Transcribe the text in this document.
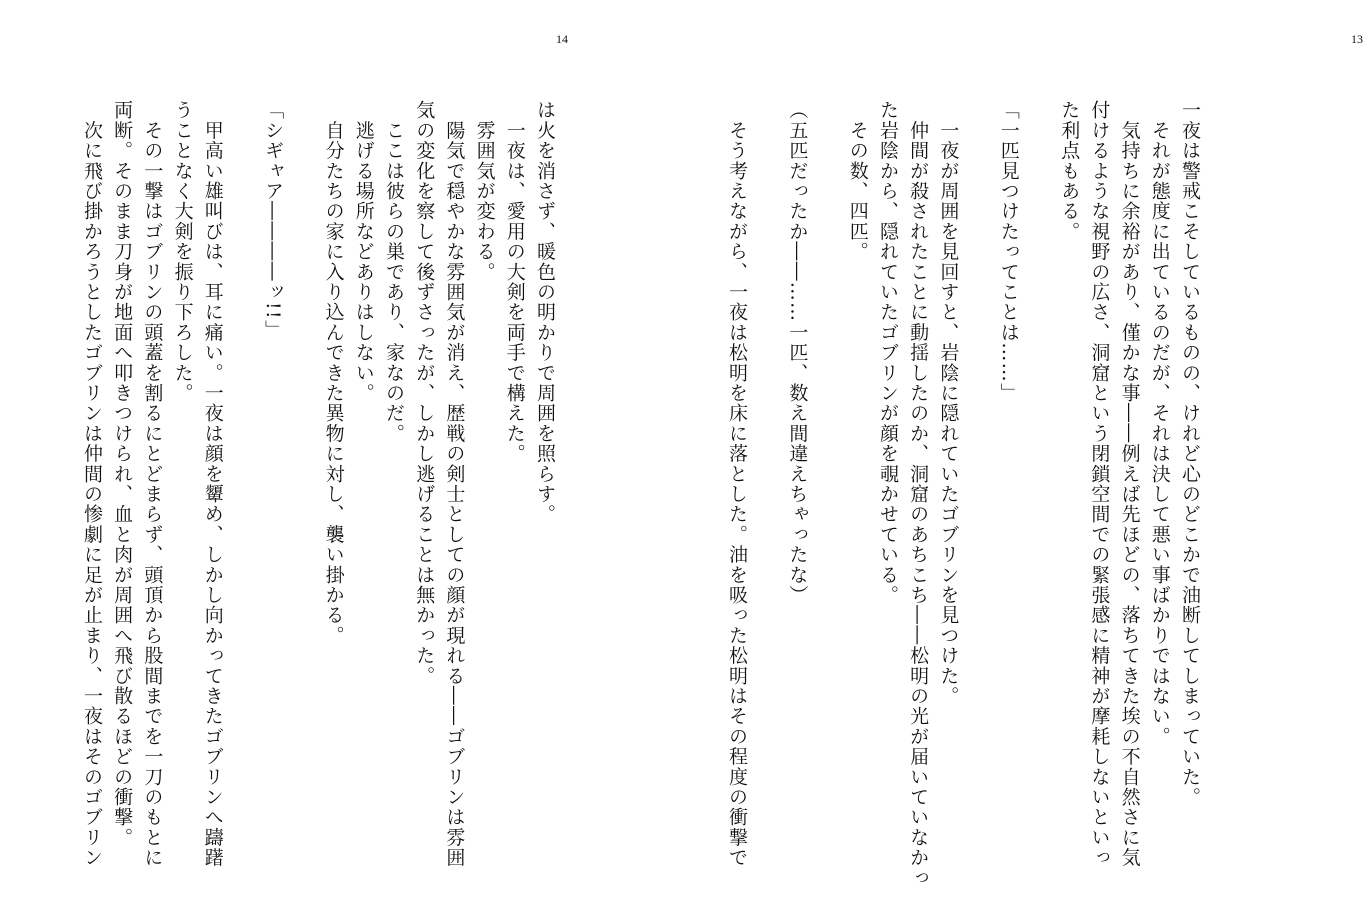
14
は火を消さず、暖色の明かりで周囲を照らす。
　一夜は、愛用の大剣を両手で構えた。
　雰囲気が変わる。
　陽気で穏やかな雰囲気が消え、歴戦の剣士としての顔が現れる――ゴブリンは雰囲
気の変化を察して後ずさったが、しかし逃げることは無かった。
　ここは彼らの巣であり、家なのだ。
　逃げる場所などありはしない。
　自分たちの家に入り込んできた異物に対し、襲い掛かる。

「シギャア――――ッ!!」

　甲高い雄叫びは、耳に痛い。一夜は顔を顰め、しかし向かってきたゴブリンへ躊躇
うことなく大剣を振り下ろした。
　その一撃はゴブリンの頭蓋を割るにとどまらず、頭頂から股間までを一刀のもとに
両断。そのまま刀身が地面へ叩きつけられ、血と肉が周囲へ飛び散るほどの衝撃。
　次に飛び掛かろうとしたゴブリンは仲間の惨劇に足が止まり、一夜はそのゴブリン
13
一夜は警戒こそしているものの、けれど心のどこかで油断してしまっていた。
　それが態度に出ているのだが、それは決して悪い事ばかりではない。
　気持ちに余裕があり、僅かな事――例えば先ほどの、落ちてきた埃の不自然さに気
付けるような視野の広さ、洞窟という閉鎖空間での緊張感に精神が摩耗しないといっ
た利点もある。

「一匹見つけたってことは……」

　一夜が周囲を見回すと、岩陰に隠れていたゴブリンを見つけた。
　仲間が殺されたことに動揺したのか、洞窟のあちこち――松明の光が届いていなかっ
た岩陰から、隠れていたゴブリンが顔を覗かせている。
　その数、四匹。

（五匹だったか――……一匹、数え間違えちゃったな）

　そう考えながら、一夜は松明を床に落とした。油を吸った松明はその程度の衝撃で
